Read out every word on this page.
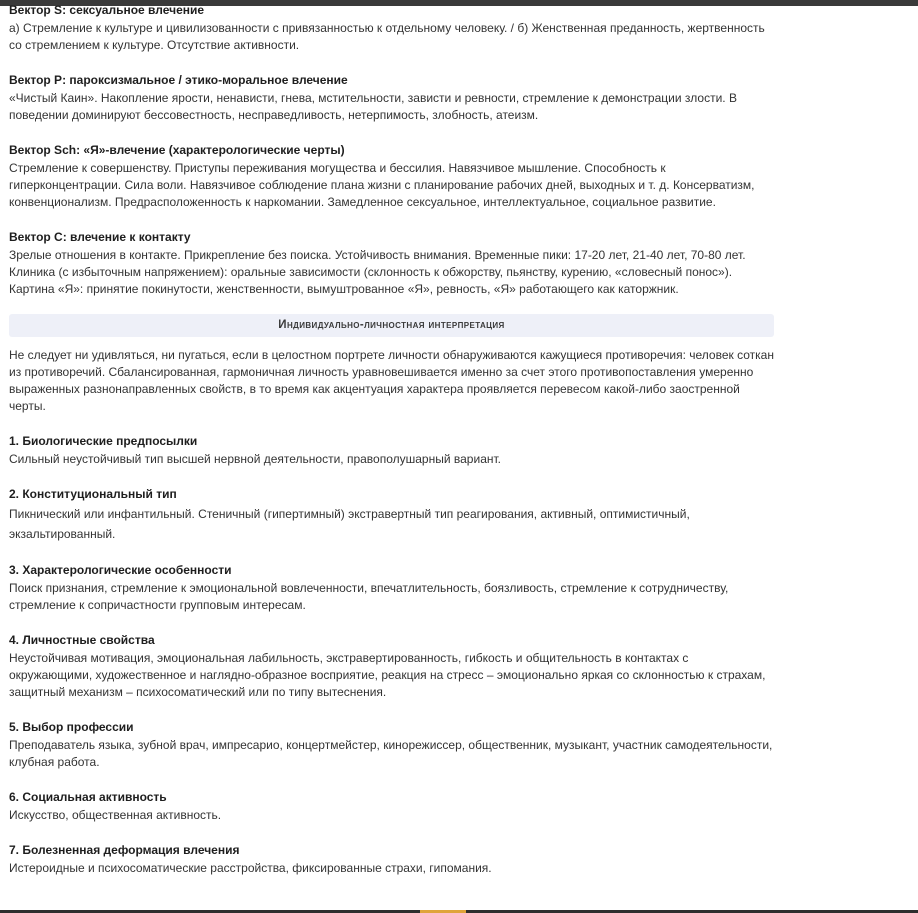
Вектор S: сексуальное влечение

а) Стремление к культуре и цивилизованности с привязанностью к отдельному человеку. / б) Женственная преданность, жертвенность со стремлением к культуре. Отсутствие активности.

Вектор P: пароксизмальное / этико-моральное влечение

«Чистый Каин». Накопление ярости, ненависти, гнева, мстительности, зависти и ревности, стремление к демонстрации злости. В поведении доминируют бессовестность, несправедливость, нетерпимость, злобность, атеизм.

Вектор Sch: «Я»-влечение (характерологические черты)

Стремление к совершенству. Приступы переживания могущества и бессилия. Навязчивое мышление. Способность к гиперконцентрации. Сила воли. Навязчивое соблюдение плана жизни с планирование рабочих дней, выходных и т. д. Консерватизм, конвенционализм. Предрасположенность к наркомании. Замедленное сексуальное, интеллектуальное, социальное развитие.

Вектор C: влечение к контакту

Зрелые отношения в контакте. Прикрепление без поиска. Устойчивость внимания. Временные пики: 17-20 лет, 21-40 лет, 70-80 лет. Клиника (с избыточным напряжением): оральные зависимости (склонность к обжорству, пьянству, курению, «словесный понос»). Картина «Я»: принятие покинутости, женственности, вымуштрованное «Я», ревность, «Я» работающего как каторжник.

Индивидуально-личностная интерпретация

Не следует ни удивляться, ни пугаться, если в целостном портрете личности обнаруживаются кажущиеся противоречия: человек соткан из противоречий. Сбалансированная, гармоничная личность уравновешивается именно за счет этого противопоставления умеренно выраженных разнонаправленных свойств, в то время как акцентуация характера проявляется перевесом какой-либо заостренной черты.

1. Биологические предпосылки

Сильный неустойчивый тип высшей нервной деятельности, правополушарный вариант.

2. Конституциональный тип

Пикнический или инфантильный. Стеничный (гипертимный) экстравертный тип реагирования, активный, оптимистичный, экзальтированный.

3. Характерологические особенности

Поиск признания, стремление к эмоциональной вовлеченности, впечатлительность, боязливость, стремление к сотрудничеству, стремление к сопричастности групповым интересам.

4. Личностные свойства

Неустойчивая мотивация, эмоциональная лабильность, экстравертированность, гибкость и общительность в контактах с окружающими, художественное и наглядно-образное восприятие, реакция на стресс – эмоционально яркая со склонностью к страхам, защитный механизм – психосоматический или по типу вытеснения.

5. Выбор профессии

Преподаватель языка, зубной врач, импресарио, концертмейстер, кинорежиссер, общественник, музыкант, участник самодеятельности, клубная работа.

6. Социальная активность

Искусство, общественная активность.

7. Болезненная деформация влечения

Истероидные и психосоматические расстройства, фиксированные страхи, гипомания.
